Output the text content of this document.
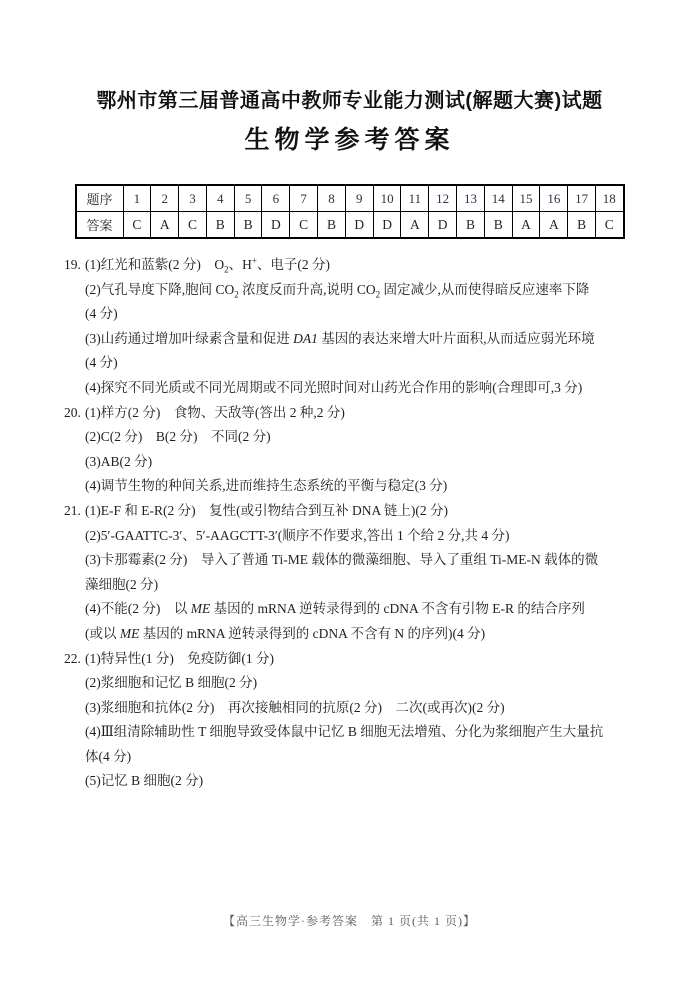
鄂州市第三届普通高中教师专业能力测试(解题大赛)试题
生物学参考答案
题序	1	2	3	4	5	6	7	8	9	10	11	12	13	14	15	16	17	18
答案	C	A	C	B	B	D	C	B	D	D	A	D	B	B	A	A	B	C
19. (1)红光和蓝紫(2 分)　$O_2$、H+、电子(2 分)
(2)气孔导度下降,胞间 $CO_2$ 浓度反而升高,说明 $CO_2$ 固定减少,从而使得暗反应速率下降
(4 分)
(3)山药通过增加叶绿素含量和促进 DA1 基因的表达来增大叶片面积,从而适应弱光环境
(4 分)
(4)探究不同光质或不同光周期或不同光照时间对山药光合作用的影响(合理即可,3 分)
20. (1)样方(2 分)　食物、天敌等(答出 2 种,2 分)
(2)C(2 分)　B(2 分)　不同(2 分)
(3)AB(2 分)
(4)调节生物的种间关系,进而维持生态系统的平衡与稳定(3 分)
21. (1)E-F 和 E-R(2 分)　复性(或引物结合到互补 DNA 链上)(2 分)
(2)5′-GAATTC-3′、5′-AAGCTT-3′(顺序不作要求,答出 1 个给 2 分,共 4 分)
(3)卡那霉素(2 分)　导入了普通 Ti-ME 载体的微藻细胞、导入了重组 Ti-ME-N 载体的微
藻细胞(2 分)
(4)不能(2 分)　以 ME 基因的 mRNA 逆转录得到的 cDNA 不含有引物 E-R 的结合序列
(或以 ME 基因的 mRNA 逆转录得到的 cDNA 不含有 N 的序列)(4 分)
22. (1)特异性(1 分)　免疫防御(1 分)
(2)浆细胞和记忆 B 细胞(2 分)
(3)浆细胞和抗体(2 分)　再次接触相同的抗原(2 分)　二次(或再次)(2 分)
(4)Ⅲ组清除辅助性 T 细胞导致受体鼠中记忆 B 细胞无法增殖、分化为浆细胞产生大量抗
体(4 分)
(5)记忆 B 细胞(2 分)
【高三生物学·参考答案　第 1 页(共 1 页)】
